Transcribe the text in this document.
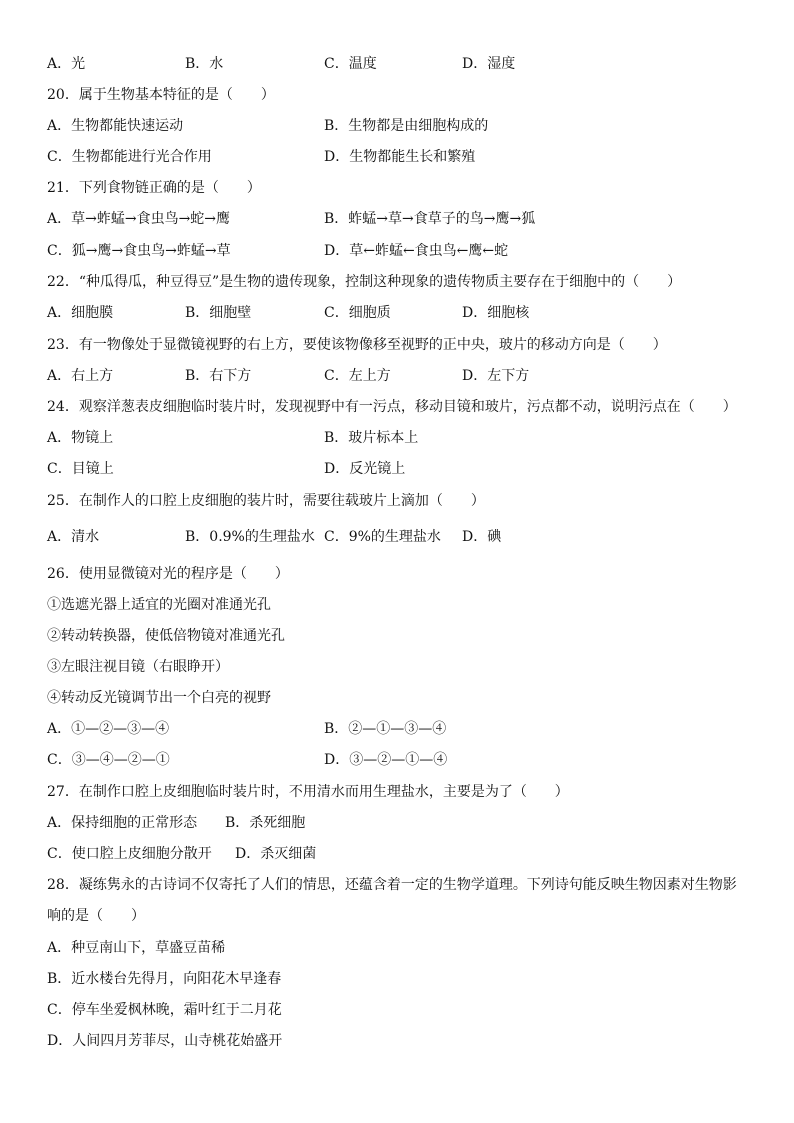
A．光	B．水	C．温度	D．湿度
20．属于生物基本特征的是（　　）
A．生物都能快速运动	B．生物都是由细胞构成的
C．生物都能进行光合作用	D．生物都能生长和繁殖
21．下列食物链正确的是（　　）
A．草→蚱蜢→食虫鸟→蛇→鹰	B．蚱蜢→草→食草子的鸟→鹰→狐
C．狐→鹰→食虫鸟→蚱蜢→草	D．草←蚱蜢←食虫鸟←鹰←蛇
22．“种瓜得瓜，种豆得豆”是生物的遗传现象，控制这种现象的遗传物质主要存在于细胞中的（　　）
A．细胞膜	B．细胞壁	C．细胞质	D．细胞核
23．有一物像处于显微镜视野的右上方，要使该物像移至视野的正中央，玻片的移动方向是（　　）
A．右上方	B．右下方	C．左上方	D．左下方
24．观察洋葱表皮细胞临时装片时，发现视野中有一污点，移动目镜和玻片，污点都不动，说明污点在（　　）
A．物镜上	B．玻片标本上
C．目镜上	D．反光镜上
25．在制作人的口腔上皮细胞的装片时，需要往载玻片上滴加（　　）
A．清水	B．0.9%的生理盐水 C．9%的生理盐水 D．碘
26．使用显微镜对光的程序是（　　）
①选遮光器上适宜的光圈对准通光孔
②转动转换器，使低倍物镜对准通光孔
③左眼注视目镜（右眼睁开）
④转动反光镜调节出一个白亮的视野
A．①—②—③—④	B．②—①—③—④
C．③—④—②—①	D．③—②—①—④
27．在制作口腔上皮细胞临时装片时，不用清水而用生理盐水，主要是为了（　　）
A．保持细胞的正常形态 B．杀死细胞
C．使口腔上皮细胞分散开 D．杀灭细菌
28．凝练隽永的古诗词不仅寄托了人们的情思，还蕴含着一定的生物学道理。下列诗句能反映生物因素对生物影响的是（　　）
A．种豆南山下，草盛豆苗稀
B．近水楼台先得月，向阳花木早逢春
C．停车坐爱枫林晚，霜叶红于二月花
D．人间四月芳菲尽，山寺桃花始盛开
